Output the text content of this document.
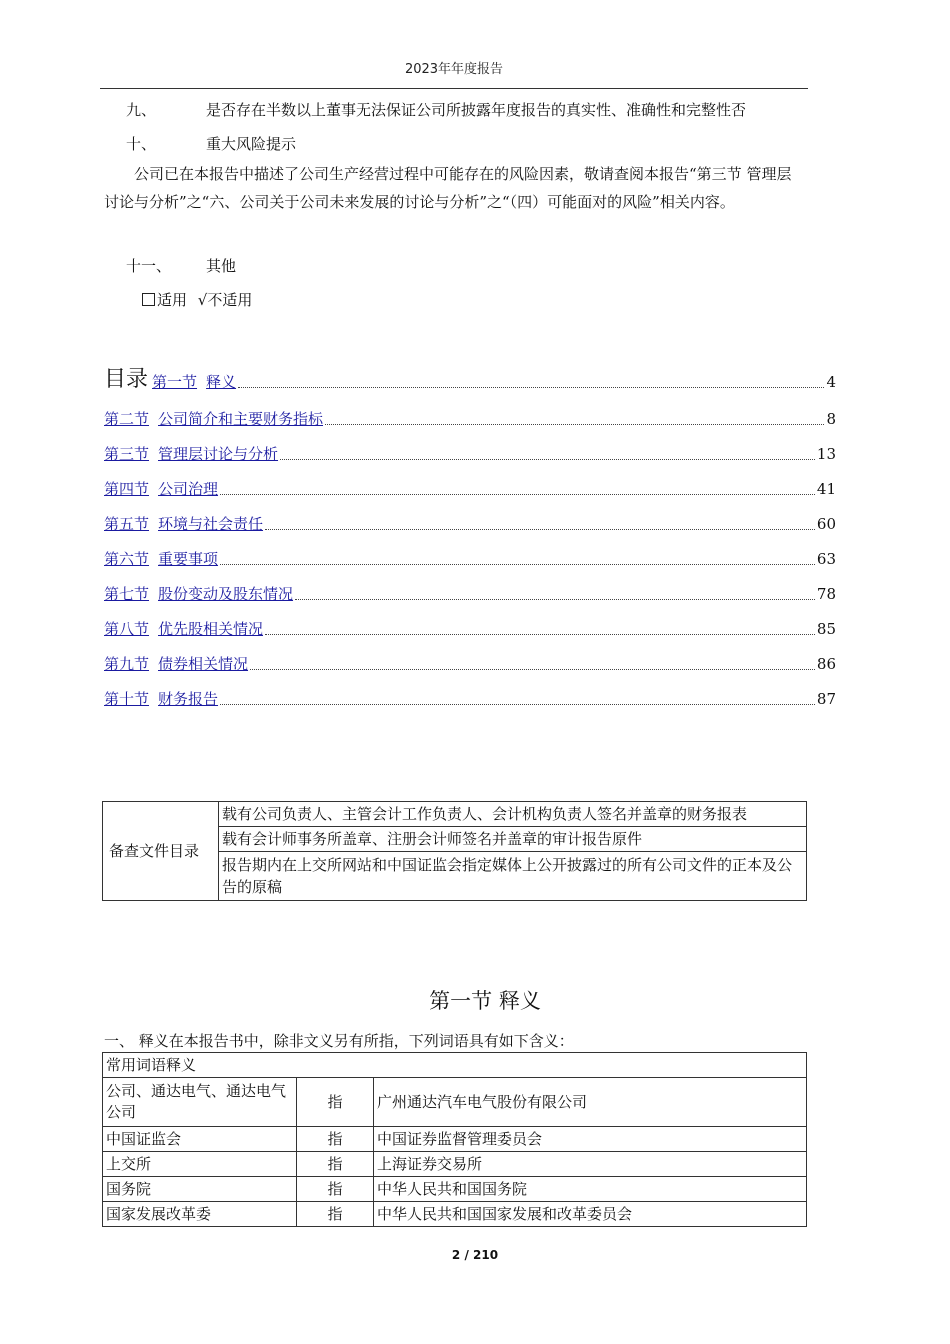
2023年年度报告
九、	是否存在半数以上董事无法保证公司所披露年度报告的真实性、准确性和完整性否
十、	重大风险提示
公司已在本报告中描述了公司生产经营过程中可能存在的风险因素，敬请查阅本报告“第三节 管理层讨论与分析”之“六、公司关于公司未来发展的讨论与分析”之“（四）可能面对的风险”相关内容。
十一、 其他
适用 √不适用
目录 第一节 释义	4
第二节 公司简介和主要财务指标	8
第三节 管理层讨论与分析	13
第四节 公司治理	41
第五节 环境与社会责任	60
第六节 重要事项	63
第七节 股份变动及股东情况	78
第八节 优先股相关情况	85
第九节 债券相关情况	86
第十节 财务报告	87
备查文件目录	载有公司负责人、主管会计工作负责人、会计机构负责人签名并盖章的财务报表
载有会计师事务所盖章、注册会计师签名并盖章的审计报告原件
报告期内在上交所网站和中国证监会指定媒体上公开披露过的所有公司文件的正本及公告的原稿
第一节 释义
一、 释义在本报告书中，除非文义另有所指，下列词语具有如下含义：
常用词语释义		
公司、通达电气、通达电气公司	指	广州通达汽车电气股份有限公司
中国证监会	指	中国证券监督管理委员会
上交所	指	上海证券交易所
国务院	指	中华人民共和国国务院
国家发展改革委	指	中华人民共和国国家发展和改革委员会
2 / 210
